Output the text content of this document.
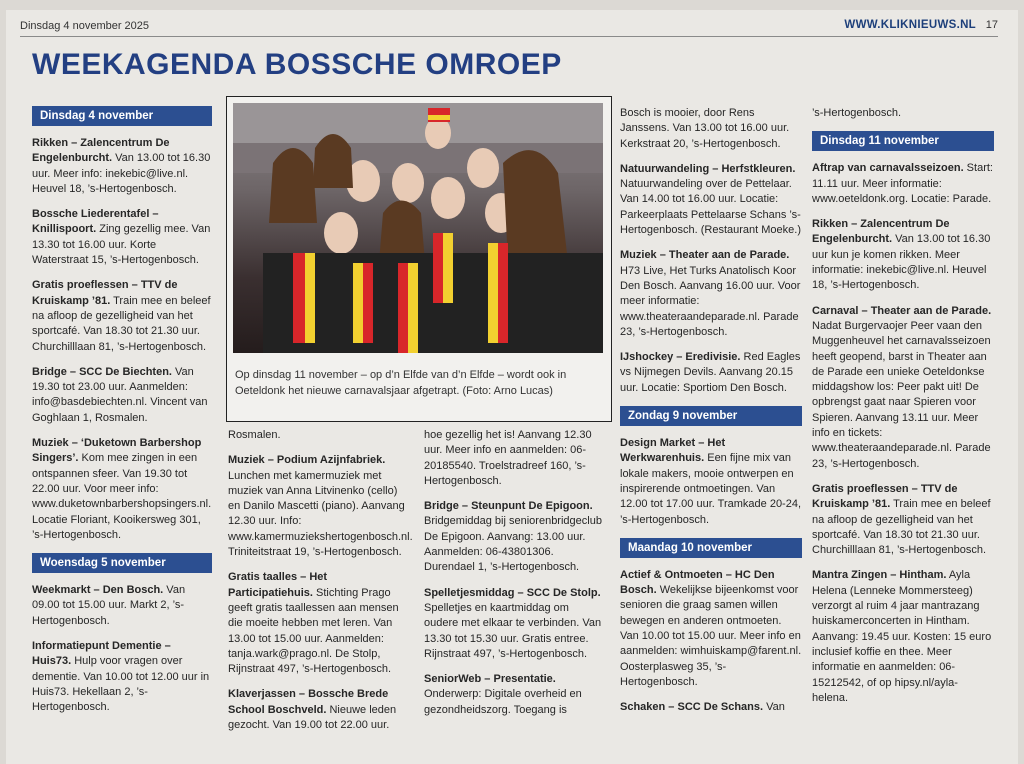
Dinsdag 4 november 2025	WWW.KLIKNIEUWS.NL 17
WEEKAGENDA BOSSCHE OMROEP
Dinsdag 4 november
Rikken – Zalencentrum De Engelenburcht. Van 13.00 tot 16.30 uur. Meer info: inekebic@live.nl. Heuvel 18, ’s-Hertogenbosch.
Bossche Liederentafel – Knillispoort. Zing gezellig mee. Van 13.30 tot 16.00 uur. Korte Waterstraat 15, ’s-Hertogenbosch.
Gratis proeflessen – TTV de Kruiskamp ’81. Train mee en beleef na afloop de gezelligheid van het sportcafé. Van 18.30 tot 21.30 uur. Churchilllaan 81, ’s-Hertogenbosch.
Bridge – SCC De Biechten. Van 19.30 tot 23.00 uur. Aanmelden: info@basdebiechten.nl. Vincent van Goghlaan 1, Rosmalen.
Muziek – ‘Duketown Barbershop Singers’. Kom mee zingen in een ontspannen sfeer. Van 19.30 tot 22.00 uur. Voor meer info: www.duketownbarbershopsingers.nl. Locatie Floriant, Kooikersweg 301, ’s-Hertogenbosch.
Woensdag 5 november
Weekmarkt – Den Bosch. Van 09.00 tot 15.00 uur. Markt 2, ’s-Hertogenbosch.
Informatiepunt Dementie – Huis73. Hulp voor vragen over dementie. Van 10.00 tot 12.00 uur in Huis73. Hekellaan 2, ’s-Hertogenbosch.
Op dinsdag 11 november – op d’n Elfde van d’n Elfde – wordt ook in Oeteldonk het nieuwe carnavalsjaar afgetrapt. (Foto: Arno Lucas)
Rosmalen.
Muziek – Podium Azijnfabriek. Lunchen met kamermuziek met muziek van Anna Litvinenko (cello) en Danilo Mascetti (piano). Aanvang 12.30 uur. Info: www.kamermuziekshertogenbosch.nl. Triniteitstraat 19, ’s-Hertogenbosch.
Gratis taalles – Het Participatiehuis. Stichting Prago geeft gratis taallessen aan mensen die moeite hebben met leren. Van 13.00 tot 15.00 uur. Aanmelden: tanja.wark@prago.nl. De Stolp, Rijnstraat 497, ’s-Hertogenbosch.
Klaverjassen – Bossche Brede School Boschveld. Nieuwe leden gezocht. Van 19.00 tot 22.00 uur.
hoe gezellig het is! Aanvang 12.30 uur. Meer info en aanmelden: 06-20185540. Troelstradreef 160, ’s-Hertogenbosch.
Bridge – Steunpunt De Epigoon. Bridgemiddag bij seniorenbridgeclub De Epigoon. Aanvang: 13.00 uur. Aanmelden: 06-43801306. Durendael 1, ’s-Hertogenbosch.
Spelletjesmiddag – SCC De Stolp. Spelletjes en kaartmiddag om oudere met elkaar te verbinden. Van 13.30 tot 15.30 uur. Gratis entree. Rijnstraat 497, ’s-Hertogenbosch.
SeniorWeb – Presentatie. Onderwerp: Digitale overheid en gezondheidszorg. Toegang is
Bosch is mooier, door Rens Janssens. Van 13.00 tot 16.00 uur. Kerkstraat 20, ’s-Hertogenbosch.
Natuurwandeling – Herfstkleuren. Natuurwandeling over de Pettelaar. Van 14.00 tot 16.00 uur. Locatie: Parkeerplaats Pettelaarse Schans ’s-Hertogenbosch. (Restaurant Moeke.)
Muziek – Theater aan de Parade. H73 Live, Het Turks Anatolisch Koor Den Bosch. Aanvang 16.00 uur. Voor meer informatie: www.theateraandeparade.nl. Parade 23, ’s-Hertogenbosch.
IJshockey – Eredivisie. Red Eagles vs Nijmegen Devils. Aanvang 20.15 uur. Locatie: Sportiom Den Bosch.
Zondag 9 november
Design Market – Het Werkwarenhuis. Een fijne mix van lokale makers, mooie ontwerpen en inspirerende ontmoetingen. Van 12.00 tot 17.00 uur. Tramkade 20-24, ’s-Hertogenbosch.
Maandag 10 november
Actief & Ontmoeten – HC Den Bosch. Wekelijkse bijeenkomst voor senioren die graag samen willen bewegen en anderen ontmoeten. Van 10.00 tot 15.00 uur. Meer info en aanmelden: wimhuiskamp@farent.nl. Oosterplasweg 35, ’s-Hertogenbosch.
Schaken – SCC De Schans. Van
’s-Hertogenbosch.
Dinsdag 11 november
Aftrap van carnavalsseizoen. Start: 11.11 uur. Meer informatie: www.oeteldonk.org. Locatie: Parade.
Rikken – Zalencentrum De Engelenburcht. Van 13.00 tot 16.30 uur kun je komen rikken. Meer informatie: inekebic@live.nl. Heuvel 18, ’s-Hertogenbosch.
Carnaval – Theater aan de Parade. Nadat Burgervaojer Peer vaan den Muggenheuvel het carnavalsseizoen heeft geopend, barst in Theater aan de Parade een unieke Oeteldonkse middagshow los: Peer pakt uit! De opbrengst gaat naar Spieren voor Spieren. Aanvang 13.11 uur. Meer info en tickets: www.theateraandeparade.nl. Parade 23, ’s-Hertogenbosch.
Gratis proeflessen – TTV de Kruiskamp ’81. Train mee en beleef na afloop de gezelligheid van het sportcafé. Van 18.30 tot 21.30 uur. Churchilllaan 81, ’s-Hertogenbosch.
Mantra Zingen – Hintham. Ayla Helena (Lenneke Mommersteeg) verzorgt al ruim 4 jaar mantrazang huiskamerconcerten in Hintham. Aanvang: 19.45 uur. Kosten: 15 euro inclusief koffie en thee. Meer informatie en aanmelden: 06-15212542, of op hipsy.nl/ayla-helena.
